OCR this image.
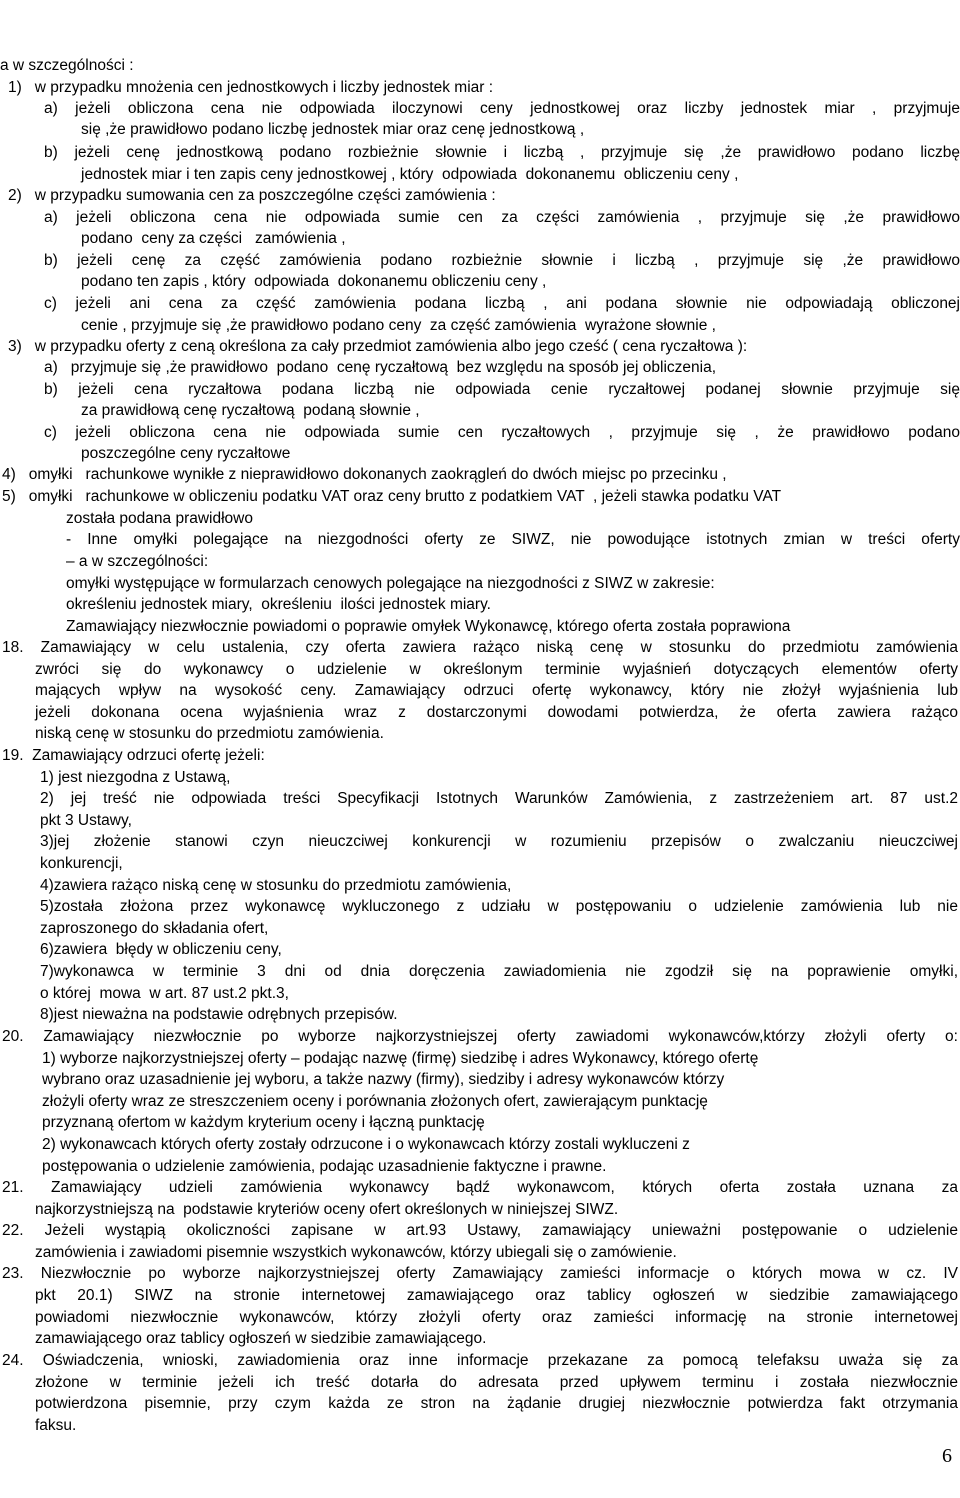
Specyfikacja Istotnych Warunków Zamówienia
ZP-14/RJ/2009
a w szczególności :
1)   w przypadku mnożenia cen jednostkowych i liczby jednostek miar :
a) jeżeli obliczona cena nie odpowiada iloczynowi ceny jednostkowej oraz liczby jednostek miar , przyjmuje
się ,że prawidłowo podano liczbę jednostek miar oraz cenę jednostkową ,
b) jeżeli cenę jednostkową podano rozbieżnie słownie i liczbą , przyjmuje się ,że prawidłowo podano liczbę
jednostek miar i ten zapis ceny jednostkowej , który  odpowiada  dokonanemu  obliczeniu ceny ,
2)   w przypadku sumowania cen za poszczególne części zamówienia :
a) jeżeli obliczona cena nie odpowiada sumie cen za części zamówienia , przyjmuje się ,że prawidłowo
podano  ceny za części   zamówienia ,
b) jeżeli cenę za część zamówienia podano rozbieżnie słownie i liczbą , przyjmuje się ,że prawidłowo
podano ten zapis , który  odpowiada  dokonanemu obliczeniu ceny ,
c) jeżeli ani cena za część zamówienia podana liczbą , ani podana słownie nie odpowiadają obliczonej
cenie , przyjmuje się ,że prawidłowo podano ceny  za część zamówienia  wyrażone słownie ,
3)   w przypadku oferty z ceną określona za cały przedmiot zamówienia albo jego cześć ( cena ryczałtowa ):
a)   przyjmuje się ,że prawidłowo  podano  cenę ryczałtową  bez względu na sposób jej obliczenia,
b) jeżeli cena ryczałtowa podana liczbą nie odpowiada cenie ryczałtowej podanej słownie przyjmuje się
za prawidłową cenę ryczałtową  podaną słownie ,
c) jeżeli obliczona cena nie odpowiada sumie cen ryczałtowych , przyjmuje się , że prawidłowo podano
poszczególne ceny ryczałtowe
4)   omyłki   rachunkowe wynikłe z nieprawidłowo dokonanych zaokrągleń do dwóch miejsc po przecinku ,
5)   omyłki   rachunkowe w obliczeniu podatku VAT oraz ceny brutto z podatkiem VAT  , jeżeli stawka podatku VAT
została podana prawidłowo
- Inne omyłki polegające na niezgodności oferty ze SIWZ, nie powodujące istotnych zmian w treści oferty
– a w szczególności:
omyłki występujące w formularzach cenowych polegające na niezgodności z SIWZ w zakresie:
określeniu jednostek miary,  określeniu  ilości jednostek miary.
Zamawiający niezwłocznie powiadomi o poprawie omyłek Wykonawcę, którego oferta została poprawiona
18. Zamawiający w celu ustalenia, czy oferta zawiera rażąco niską cenę w stosunku do przedmiotu zamówienia
zwróci się do wykonawcy o udzielenie w określonym terminie wyjaśnień dotyczących elementów oferty
mających wpływ na wysokość ceny. Zamawiający odrzuci ofertę wykonawcy, który nie złożył wyjaśnienia lub
jeżeli dokonana ocena wyjaśnienia wraz z dostarczonymi dowodami potwierdza, że oferta zawiera rażąco
niską cenę w stosunku do przedmiotu zamówienia.
19.  Zamawiający odrzuci ofertę jeżeli:
1) jest niezgodna z Ustawą,
2) jej treść nie odpowiada treści Specyfikacji Istotnych Warunków Zamówienia, z zastrzeżeniem art. 87 ust.2
pkt 3 Ustawy,
3)jej złożenie stanowi czyn nieuczciwej konkurencji w rozumieniu przepisów o zwalczaniu nieuczciwej
konkurencji,
4)zawiera rażąco niską cenę w stosunku do przedmiotu zamówienia,
5)została złożona przez wykonawcę wykluczonego z udziału w postępowaniu o udzielenie zamówienia lub nie
zaproszonego do składania ofert,
6)zawiera  błędy w obliczeniu ceny,
7)wykonawca w terminie 3 dni od dnia doręczenia zawiadomienia nie zgodził się na poprawienie omyłki,
o której  mowa  w art. 87 ust.2 pkt.3,
8)jest nieważna na podstawie odrębnych przepisów.
20. Zamawiający niezwłocznie po wyborze najkorzystniejszej oferty zawiadomi wykonawców,którzy złożyli oferty o:
1) wyborze najkorzystniejszej oferty – podając nazwę (firmę) siedzibę i adres Wykonawcy, którego ofertę
wybrano oraz uzasadnienie jej wyboru, a także nazwy (firmy), siedziby i adresy wykonawców którzy
złożyli oferty wraz ze streszczeniem oceny i porównania złożonych ofert, zawierającym punktację
przyznaną ofertom w każdym kryterium oceny i łączną punktację
2) wykonawcach których oferty zostały odrzucone i o wykonawcach którzy zostali wykluczeni z
postępowania o udzielenie zamówienia, podając uzasadnienie faktyczne i prawne.
21. Zamawiający udzieli zamówienia wykonawcy bądź wykonawcom, których oferta została uznana za
najkorzystniejszą na  podstawie kryteriów oceny ofert określonych w niniejszej SIWZ.
22. Jeżeli wystąpią okoliczności zapisane w art.93 Ustawy, zamawiający unieważni postępowanie o udzielenie
zamówienia i zawiadomi pisemnie wszystkich wykonawców, którzy ubiegali się o zamówienie.
23. Niezwłocznie po wyborze najkorzystniejszej oferty Zamawiający zamieści informacje o których mowa w cz. IV
pkt 20.1) SIWZ na stronie internetowej zamawiającego oraz tablicy ogłoszeń w siedzibie zamawiającego
powiadomi niezwłocznie wykonawców, którzy złożyli oferty oraz zamieści informację na stronie internetowej
zamawiającego oraz tablicy ogłoszeń w siedzibie zamawiającego.
24. Oświadczenia, wnioski, zawiadomienia oraz inne informacje przekazane za pomocą telefaksu uważa się za
złożone w terminie jeżeli ich treść dotarła do adresata przed upływem terminu i została niezwłocznie
potwierdzona pisemnie, przy czym każda ze stron na żądanie drugiej niezwłocznie potwierdza fakt otrzymania
faksu.
6
